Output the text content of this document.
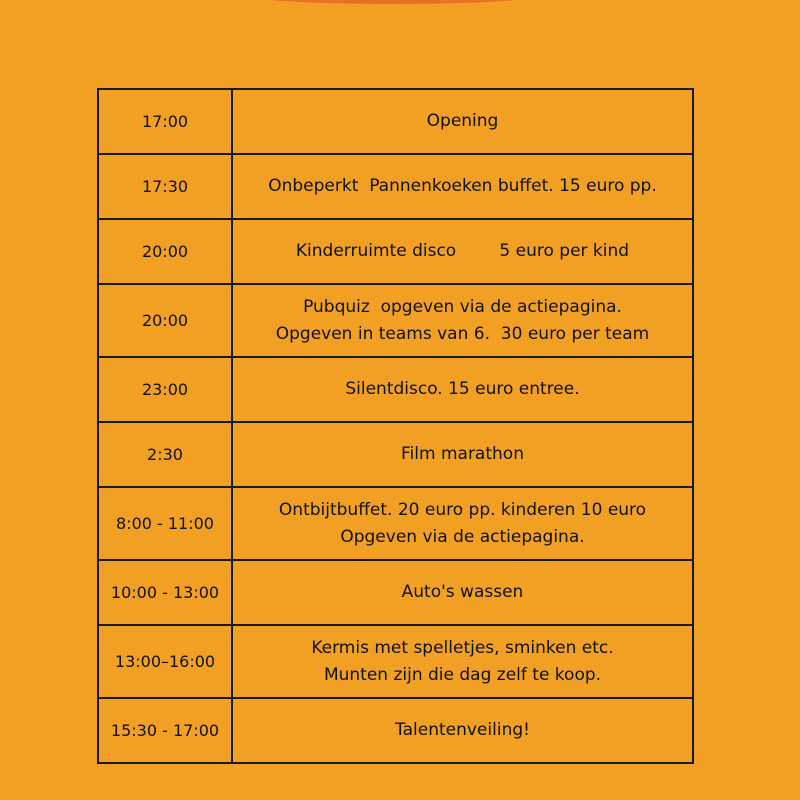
17:00	Opening

17:30	Onbeperkt  Pannenkoeken buffet. 15 euro pp.

20:00	Kinderruimte disco        5 euro per kind

20:00	Pubquiz  opgeven via de actiepagina.
Opgeven in teams van 6.  30 euro per team

23:00	Silentdisco. 15 euro entree.

2:30	Film marathon

8:00 - 11:00	Ontbijtbuffet. 20 euro pp. kinderen 10 euro
Opgeven via de actiepagina.

10:00 - 13:00	Auto's wassen

13:00–16:00	Kermis met spelletjes, sminken etc.
Munten zijn die dag zelf te koop.

15:30 - 17:00	Talentenveiling!
